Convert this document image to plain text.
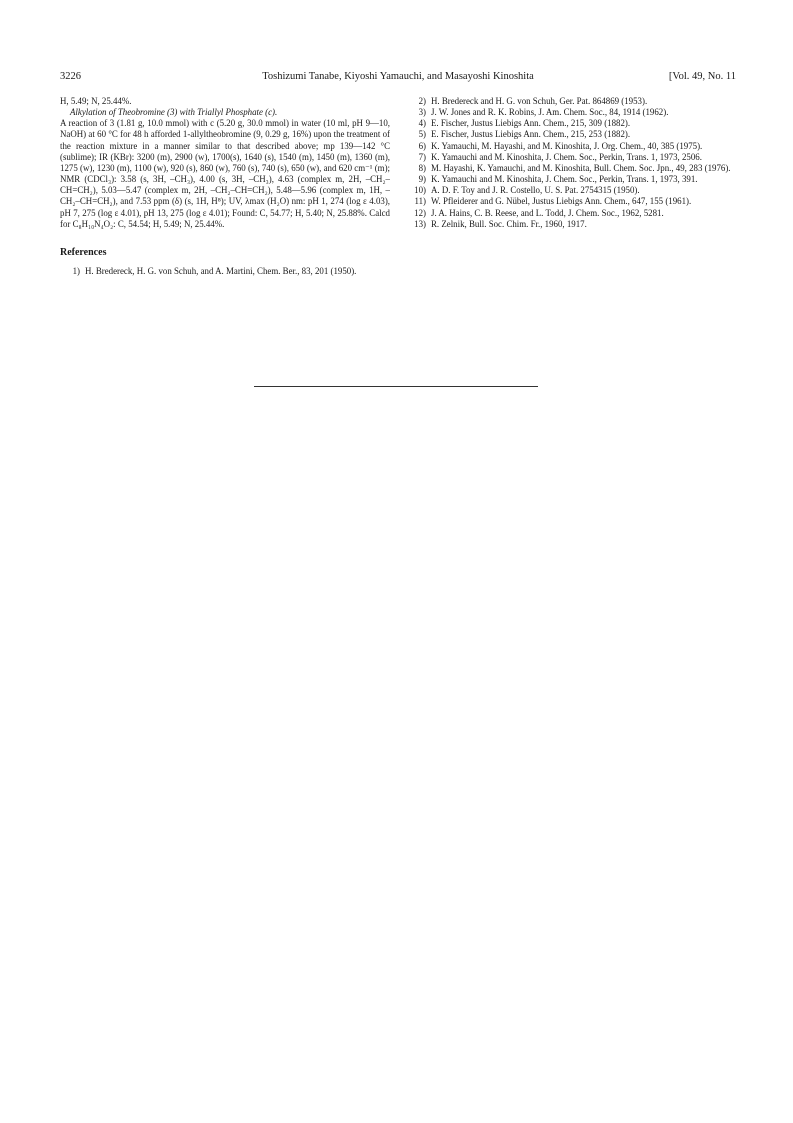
3226	Toshizumi Tanabe, Kiyoshi Yamauchi, and Masayoshi Kinoshita	[Vol. 49, No. 11

H, 5.49; N, 25.44%.

Alkylation of Theobromine (3) with Triallyl Phosphate (c).

A reaction of 3 (1.81 g, 10.0 mmol) with c (5.20 g, 30.0 mmol) in water (10 ml, pH 9—10, NaOH) at 60 °C for 48 h afforded 1-allyltheobromine (9, 0.29 g, 16%) upon the treatment of the reaction mixture in a manner similar to that described above; mp 139—142 °C (sublime); IR (KBr): 3200 (m), 2900 (w), 1700(s), 1640 (s), 1540 (m), 1450 (m), 1360 (m), 1275 (w), 1230 (m), 1100 (w), 920 (s), 860 (w), 760 (s), 740 (s), 650 (w), and 620 cm⁻¹ (m); NMR (CDCl₃): 3.58 (s, 3H, –CH₃), 4.00 (s, 3H, –CH₃), 4.63 (complex m, 2H, –CH₂–CH=CH₂), 5.03—5.47 (complex m, 2H, –CH₂–CH=CH₂), 5.48—5.96 (complex m, 1H, –CH₂–CH=CH₂), and 7.53 ppm (δ) (s, 1H, H⁸); UV, λmax (H₂O) nm: pH 1, 274 (log ε 4.03), pH 7, 275 (log ε 4.01), pH 13, 275 (log ε 4.01); Found: C, 54.77; H, 5.40; N, 25.88%. Calcd for C₈H₁₀N₄O₂: C, 54.54; H, 5.49; N, 25.44%.

References
1) H. Bredereck, H. G. von Schuh, and A. Martini, Chem. Ber., 83, 201 (1950).
2) H. Bredereck and H. G. von Schuh, Ger. Pat. 864869 (1953).
3) J. W. Jones and R. K. Robins, J. Am. Chem. Soc., 84, 1914 (1962).
4) E. Fischer, Justus Liebigs Ann. Chem., 215, 309 (1882).
5) E. Fischer, Justus Liebigs Ann. Chem., 215, 253 (1882).
6) K. Yamauchi, M. Hayashi, and M. Kinoshita, J. Org. Chem., 40, 385 (1975).
7) K. Yamauchi and M. Kinoshita, J. Chem. Soc., Perkin, Trans. 1, 1973, 2506.
8) M. Hayashi, K. Yamauchi, and M. Kinoshita, Bull. Chem. Soc. Jpn., 49, 283 (1976).
9) K. Yamauchi and M. Kinoshita, J. Chem. Soc., Perkin, Trans. 1, 1973, 391.
10) A. D. F. Toy and J. R. Costello, U. S. Pat. 2754315 (1950).
11) W. Pfleiderer and G. Nübel, Justus Liebigs Ann. Chem., 647, 155 (1961).
12) J. A. Hains, C. B. Reese, and L. Todd, J. Chem. Soc., 1962, 5281.
13) R. Zelnik, Bull. Soc. Chim. Fr., 1960, 1917.
